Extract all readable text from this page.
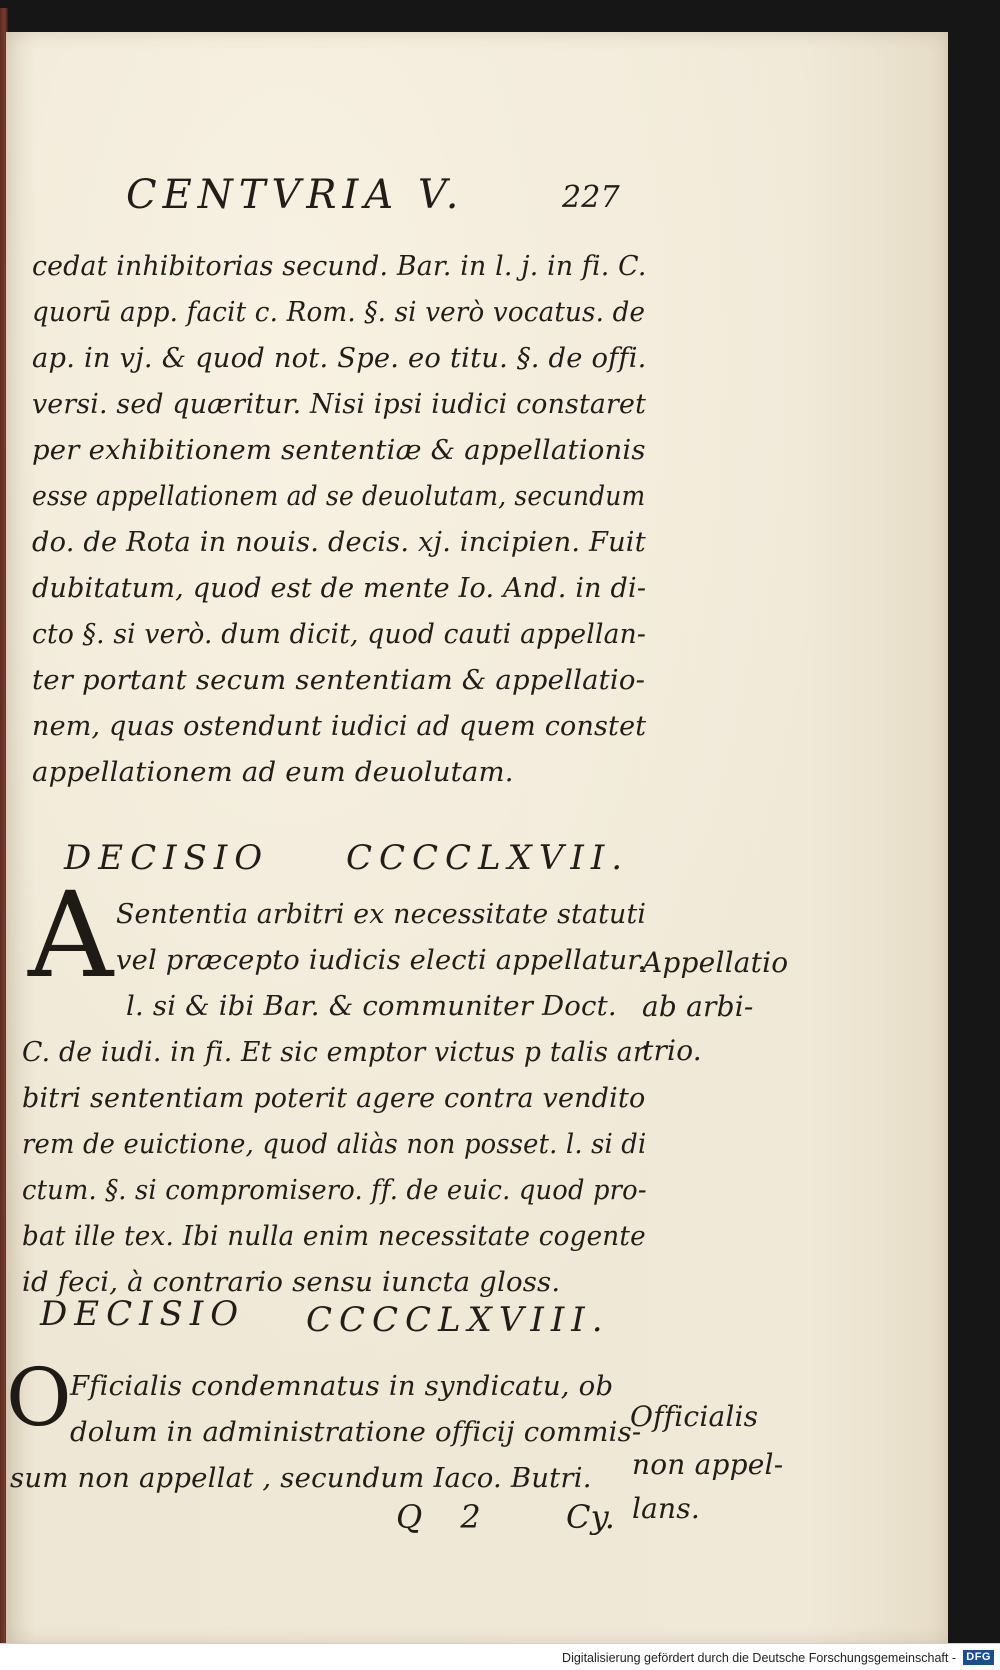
CENTVRIA V.	227

cedat inhibitorias secund. Bar. in l. j. in fi. C.

quorū app. facit c. Rom. §. si verò vocatus. de

ap. in vj. & quod not. Spe. eo titu. §. de offi.

versi. sed quæritur. Nisi ipsi iudici constaret

per exhibitionem sententiæ & appellationis

esse appellationem ad se deuolutam, secundum

do. de Rota in nouis. decis. xj. incipien. Fuit

dubitatum, quod est de mente Io. And. in di-

cto §. si verò. dum dicit, quod cauti appellan-

ter portant secum sententiam & appellatio-

nem, quas ostendunt iudici ad quem constet

appellationem ad eum deuolutam.

DECISIO CCCCLXVII.

A Sententia arbitri ex necessitate statuti

vel præcepto iudicis electi appellatur.

l. si & ibi Bar. & communiter Doct.

C. de iudi. in fi. Et sic emptor victus p talis ar

bitri sententiam poterit agere contra vendito

rem de euictione, quod aliàs non posset. l. si di

ctum. §. si compromisero. ff. de euic. quod pro-

bat ille tex. Ibi nulla enim necessitate cogente

id feci, à contrario sensu iuncta gloss.

Appellatio

ab arbi-

trio.

DECISIO CCCCLXVIII.

O

Fficialis condemnatus in syndicatu, ob

dolum in administratione officij commis-

sum non appellat , secundum Iaco. Butri.

Officialis

non appel-

lans.

Q 2 Cy.

Digitalisierung gefördert durch die Deutsche Forschungsgemeinschaft - DFG
